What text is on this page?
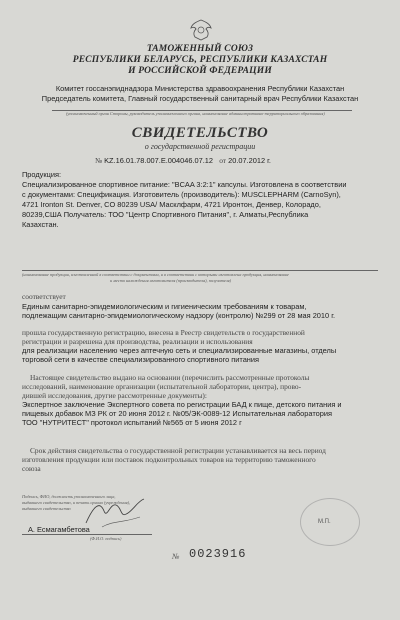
ТАМОЖЕННЫЙ СОЮЗ
РЕСПУБЛИКИ БЕЛАРУСЬ, РЕСПУБЛИКИ КАЗАХСТАН
И РОССИЙСКОЙ ФЕДЕРАЦИИ
Комитет госсанэпиднадзора Министерства здравоохранения Республики Казахстан
Председатель комитета, Главный государственный санитарный врач Республики Казахстан
(уполномоченный орган Стороны, руководитель уполномоченного органа, наименование административно-территориального образования)
СВИДЕТЕЛЬСТВО
о государственной регистрации
№ KZ.16.01.78.007.Е.004046.07.12 от 20.07.2012 г.
Продукция:
Специализированное спортивное питание: "BCAA 3:2:1" капсулы. Изготовлена в соответствии
с документами: Спецификация. Изготовитель (производитель): MUSCLEPHARM (CarnoSyn),
4721 Ironton St. Denver, CO 80239 USA/ Масклфарм, 4721 Иронтон, Денвер, Колорадо,
80239,США Получатель: ТОО "Центр Спортивного Питания", г. Алматы,Республика
Казахстан.
(наименование продукции, изготовленной в соответствии с документами, и в соответствии с которыми изготовлена продукция, наименование
и место нахождения изготовителя (производителя), получателя)
соответствует
Единым санитарно-эпидемиологическим и гигиеническим требованиям к товарам,
подлежащим санитарно-эпидемиологическому надзору (контролю) №299 от 28 мая 2010 г.
прошла государственную регистрацию, внесена в Реестр свидетельств о государственной
регистрации и разрешена для производства, реализации и использования
для реализации населению через аптечную сеть и специализированные магазины, отделы
торговой сети в качестве специализированного спортивного питания
Настоящее свидетельство выдано на основании (перечислить рассмотренные протоколы
исследований, наименование организации (испытательной лаборатории, центра), прово-
дившей исследования, другие рассмотренные документы):
Экспертное заключение Экспертного совета по регистрации БАД к пище, детского питания и
пищевых добавок МЗ РК от 20 июня 2012 г. №05/ЭК-0089-12 Испытательная лаборатория
ТОО "НУТРИТЕСТ" протокол испытаний №565 от 5 июня 2012 г
Срок действия свидетельства о государственной регистрации устанавливается на весь период
изготовления продукции или поставок подконтрольных товаров на территорию таможенного
союза
Подпись, ФИО, должность уполномоченного лица,
выдавшего свидетельство, и печать органа (учреждения),
выдавшего свидетельство
М.П.
А. Есмагамбетова
(Ф.И.О. подпись)
№ 0023916
